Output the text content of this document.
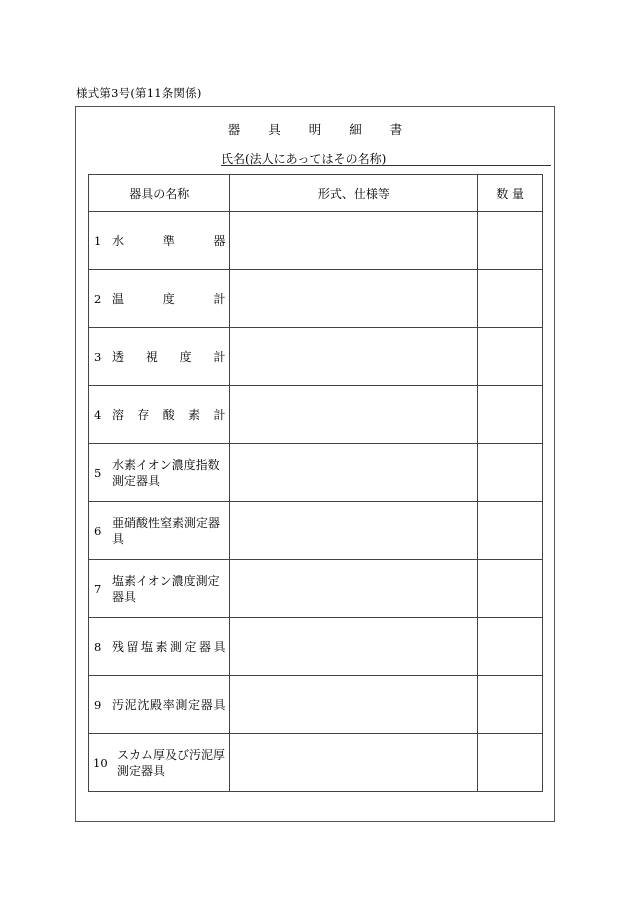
様式第3号(第11条関係)
器 具 明 細 書
氏名(法人にあってはその名称)
器具の名称	形式、仕様等	数 量

1 水準器		

2 温度計		

3 透視度計		

4 溶存酸素計		

5
水素イオン濃度指数測定器具		

6
亜硝酸性窒素測定器具		

7
塩素イオン濃度測定器具		

8 残留塩素測定器具		

9 汚泥沈殿率測定器具		

10
スカム厚及び汚泥厚測定器具		
